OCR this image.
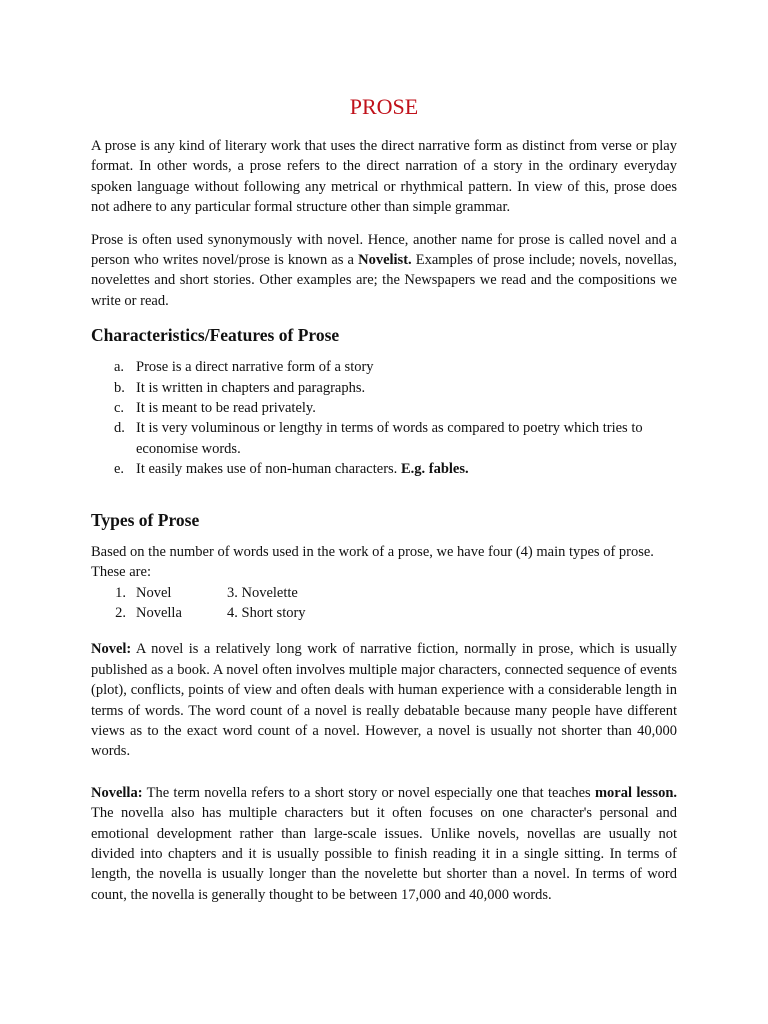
PROSE

A prose is any kind of literary work that uses the direct narrative form as distinct from verse or play format. In other words, a prose refers to the direct narration of a story in the ordinary everyday spoken language without following any metrical or rhythmical pattern. In view of this, prose does not adhere to any particular formal structure other than simple grammar.

Prose is often used synonymously with novel. Hence, another name for prose is called novel and a person who writes novel/prose is known as a Novelist. Examples of prose include; novels, novellas, novelettes and short stories. Other examples are; the Newspapers we read and the compositions we write or read.

Characteristics/Features of Prose
a. Prose is a direct narrative form of a story
b. It is written in chapters and paragraphs.
c. It is meant to be read privately.
d. It is very voluminous or lengthy in terms of words as compared to poetry which tries to economise words.
e. It easily makes use of non-human characters. E.g. fables.
Types of Prose

Based on the number of words used in the work of a prose, we have four (4) main types of prose. These are:

1. Novel	3. Novelette
2. Novella	4. Short story

Novel: A novel is a relatively long work of narrative fiction, normally in prose, which is usually published as a book. A novel often involves multiple major characters, connected sequence of events (plot), conflicts, points of view and often deals with human experience with a considerable length in terms of words. The word count of a novel is really debatable because many people have different views as to the exact word count of a novel. However, a novel is usually not shorter than 40,000 words.

Novella: The term novella refers to a short story or novel especially one that teaches moral lesson. The novella also has multiple characters but it often focuses on one character's personal and emotional development rather than large-scale issues. Unlike novels, novellas are usually not divided into chapters and it is usually possible to finish reading it in a single sitting. In terms of length, the novella is usually longer than the novelette but shorter than a novel. In terms of word count, the novella is generally thought to be between 17,000 and 40,000 words.
